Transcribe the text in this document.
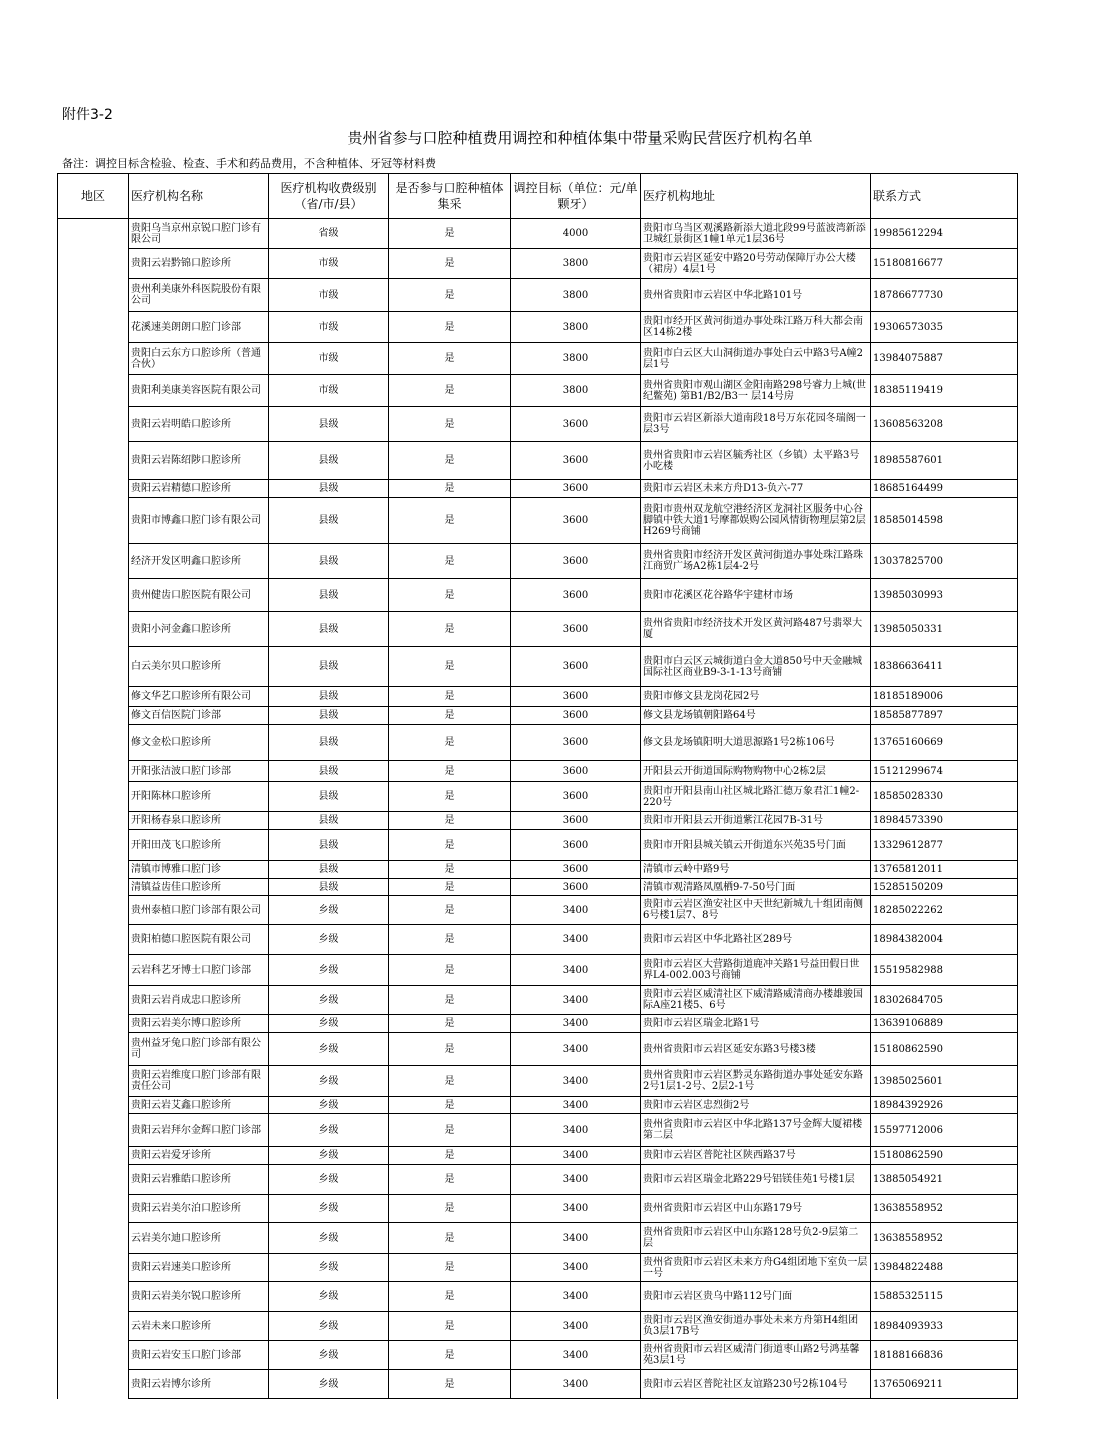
附件3-2
贵州省参与口腔种植费用调控和种植体集中带量采购民营医疗机构名单
备注：调控目标含检验、检查、手术和药品费用，不含种植体、牙冠等材料费
地区	医疗机构名称	医疗机构收费级别（省/市/县）	是否参与口腔种植体集采	调控目标（单位：元/单颗牙）	医疗机构地址	联系方式
	贵阳乌当京州京锐口腔门诊有限公司	省级	是	4000	贵阳市乌当区观溪路新添大道北段99号蓝波湾新添卫城红景街区1幢1单元1层36号	19985612294
	贵阳云岩黔锦口腔诊所	市级	是	3800	贵阳市云岩区延安中路20号劳动保障厅办公大楼（裙房）4层1号	15180816677
	贵州利美康外科医院股份有限公司	市级	是	3800	贵州省贵阳市云岩区中华北路101号	18786677730
	花溪速美朗朗口腔门诊部	市级	是	3800	贵阳市经开区黄河街道办事处珠江路万科大都会南区14栋2楼	19306573035
	贵阳白云东方口腔诊所（普通合伙）	市级	是	3800	贵阳市白云区大山洞街道办事处白云中路3号A幢2层1号	13984075887
	贵阳利美康美容医院有限公司	市级	是	3800	贵州省贵阳市观山湖区金阳南路298号睿力上城(世纪鳖苑) 第B1/B2/B3一 层14号房	18385119419
	贵阳云岩明皓口腔诊所	县级	是	3600	贵阳市云岩区新添大道南段18号万东花园冬瑞阁一层3号	13608563208
	贵阳云岩陈绍陟口腔诊所	县级	是	3600	贵州省贵阳市云岩区毓秀社区（乡镇）太平路3号小吃楼	18985587601
	贵阳云岩精德口腔诊所	县级	是	3600	贵阳市云岩区未来方舟D13-负六-77	18685164499
	贵阳市博鑫口腔门诊有限公司	县级	是	3600	贵阳市贵州双龙航空港经济区龙洞社区服务中心谷脚镇中铁大道1号摩都娱购公园风情街物理层第2层H269号商铺	18585014598
	经济开发区明鑫口腔诊所	县级	是	3600	贵州省贵阳市经济开发区黄河街道办事处珠江路珠江商贸广场A2栋1层4-2号	13037825700
	贵州健齿口腔医院有限公司	县级	是	3600	贵阳市花溪区花谷路华宇建材市场	13985030993
	贵阳小河金鑫口腔诊所	县级	是	3600	贵州省贵阳市经济技术开发区黄河路487号翡翠大厦	13985050331
	白云美尔贝口腔诊所	县级	是	3600	贵阳市白云区云城街道白金大道850号中天金融城国际社区商业B9-3-1-13号商铺	18386636411
	修文华艺口腔诊所有限公司	县级	是	3600	贵阳市修文县龙岗花园2号	18185189006
	修文百信医院门诊部	县级	是	3600	修文县龙场镇朝阳路64号	18585877897
	修文金松口腔诊所	县级	是	3600	修文县龙场镇阳明大道思源路1号2栋106号	13765160669
	开阳张洁波口腔门诊部	县级	是	3600	开阳县云开街道国际购物购物中心2栋2层	15121299674
	开阳陈林口腔诊所	县级	是	3600	贵阳市开阳县南山社区城北路汇德万象君汇1幢2-220号	18585028330
	开阳杨春泉口腔诊所	县级	是	3600	贵阳市开阳县云开街道紫江花园7B-31号	18984573390
	开阳田茂飞口腔诊所	县级	是	3600	贵阳市开阳县城关镇云开街道东兴苑35号门面	13329612877
	清镇市博雅口腔门诊	县级	是	3600	清镇市云岭中路9号	13765812011
	清镇益齿佳口腔诊所	县级	是	3600	清镇市观清路凤凰栖9-7-50号门面	15285150209
	贵州泰植口腔门诊部有限公司	乡级	是	3400	贵阳市云岩区渔安社区中天世纪新城九十组团南侧6号楼1层7、8号	18285022262
	贵阳柏德口腔医院有限公司	乡级	是	3400	贵阳市云岩区中华北路社区289号	18984382004
	云岩科艺牙博士口腔门诊部	乡级	是	3400	贵阳市云岩区大营路街道鹿冲关路1号益田假日世界L4-002.003号商铺	15519582988
	贵阳云岩肖成忠口腔诊所	乡级	是	3400	贵阳市云岩区威清社区下威清路威清商办楼雄骏国际A座21楼5、6号	18302684705
	贵阳云岩美尔博口腔诊所	乡级	是	3400	贵阳市云岩区瑞金北路1号	13639106889
	贵州益牙兔口腔门诊部有限公司	乡级	是	3400	贵州省贵阳市云岩区延安东路3号楼3楼	15180862590
	贵阳云岩维度口腔门诊部有限责任公司	乡级	是	3400	贵州省贵阳市云岩区黔灵东路街道办事处延安东路2号1层1-2号、2层2-1号	13985025601
	贵阳云岩艾鑫口腔诊所	乡级	是	3400	贵阳市云岩区忠烈街2号	18984392926
	贵阳云岩拜尔金辉口腔门诊部	乡级	是	3400	贵州省贵阳市云岩区中华北路137号金辉大厦裙楼第二层	15597712006
	贵阳云岩爱牙诊所	乡级	是	3400	贵阳市云岩区普陀社区陕西路37号	15180862590
	贵阳云岩雅皓口腔诊所	乡级	是	3400	贵阳市云岩区瑞金北路229号铝镁佳苑1号楼1层	13885054921
	贵阳云岩美尔泊口腔诊所	乡级	是	3400	贵州省贵阳市云岩区中山东路179号	13638558952
	云岩美尔迪口腔诊所	乡级	是	3400	贵州省贵阳市云岩区中山东路128号负2-9层第二层	13638558952
	贵阳云岩速美口腔诊所	乡级	是	3400	贵州省贵阳市云岩区未来方舟G4组团地下室负一层一号	13984822488
	贵阳云岩美尔锐口腔诊所	乡级	是	3400	贵阳市云岩区贵乌中路112号门面	15885325115
	云岩未来口腔诊所	乡级	是	3400	贵阳市云岩区渔安街道办事处未来方舟第H4组团负3层17B号	18984093933
	贵阳云岩安玉口腔门诊部	乡级	是	3400	贵州省贵阳市云岩区威清门街道枣山路2号鸿基馨苑3层1号	18188166836
	贵阳云岩博尔诊所	乡级	是	3400	贵阳市云岩区普陀社区友谊路230号2栋104号	13765069211
